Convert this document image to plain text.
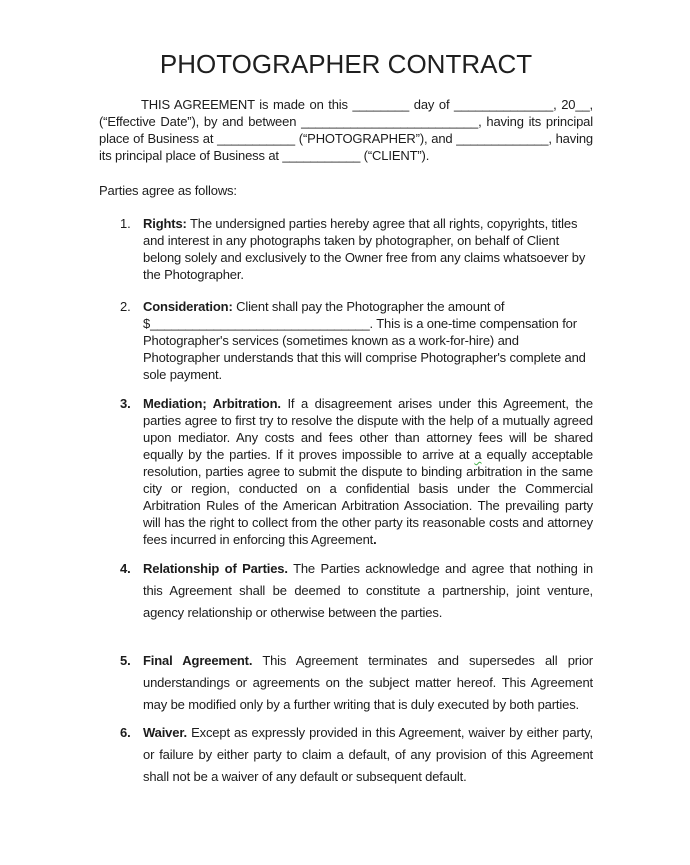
PHOTOGRAPHER CONTRACT

THIS AGREEMENT is made on this ________ day of ______________, 20__, (“Effective Date”), by and between _________________________, having its principal place of Business at ___________ (“PHOTOGRAPHER”), and _____________, having its principal place of Business at ___________ (“CLIENT”).

Parties agree as follows:

1. Rights: The undersigned parties hereby agree that all rights, copyrights, titles and interest in any photographs taken by photographer, on behalf of Client belong solely and exclusively to the Owner free from any claims whatsoever by the Photographer.
2. Consideration: Client shall pay the Photographer the amount of $_______________________________. This is a one-time compensation for Photographer's services (sometimes known as a work-for-hire) and Photographer understands that this will comprise Photographer's complete and sole payment.
3. Mediation; Arbitration. If a disagreement arises under this Agreement, the parties agree to first try to resolve the dispute with the help of a mutually agreed upon mediator. Any costs and fees other than attorney fees will be shared equally by the parties. If it proves impossible to arrive at a equally acceptable resolution, parties agree to submit the dispute to binding arbitration in the same city or region, conducted on a confidential basis under the Commercial Arbitration Rules of the American Arbitration Association. The prevailing party will has the right to collect from the other party its reasonable costs and attorney fees incurred in enforcing this Agreement.
4. Relationship of Parties. The Parties acknowledge and agree that nothing in this Agreement shall be deemed to constitute a partnership, joint venture, agency relationship or otherwise between the parties.
5. Final Agreement. This Agreement terminates and supersedes all prior understandings or agreements on the subject matter hereof. This Agreement may be modified only by a further writing that is duly executed by both parties.
6. Waiver. Except as expressly provided in this Agreement, waiver by either party, or failure by either party to claim a default, of any provision of this Agreement shall not be a waiver of any default or subsequent default.
